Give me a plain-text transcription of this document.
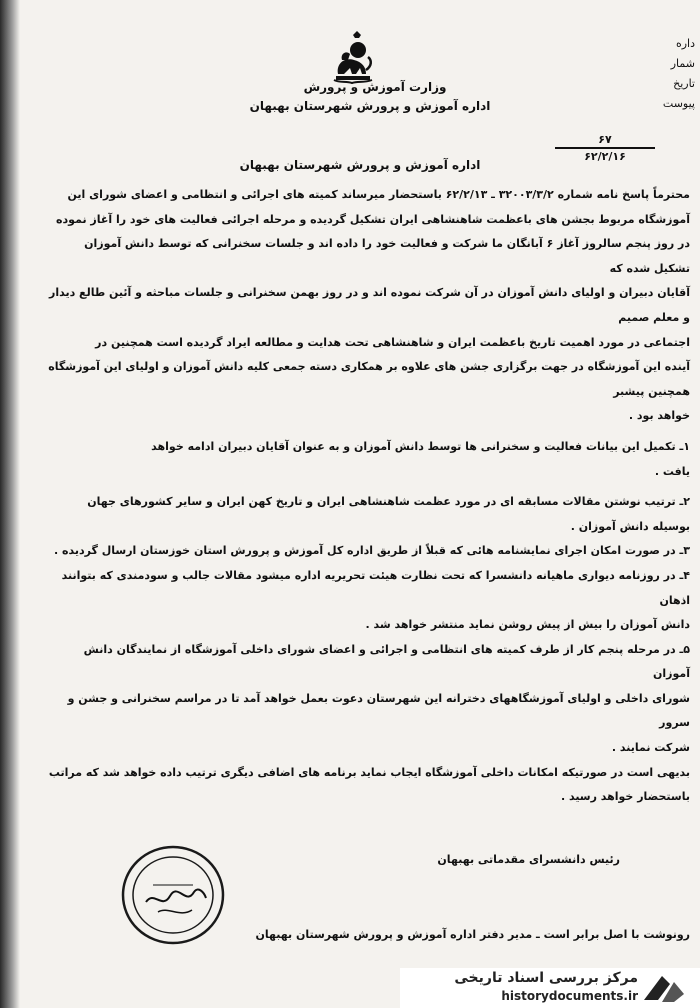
وزارت آموزش و پرورش
اداره آموزش و پرورش شهرستان بهبهان
داره
شمار
تاریخ
پیوست
۶۷
۶۲/۲/۱۶
اداره آموزش و پرورش شهرستان بهبهان

محترماً پاسخ نامه شماره ۳۲۰۰۳/۳/۲ ـ ۶۲/۲/۱۳ باستحضار میرساند کمیته های اجرائی و انتظامی و اعضای شورای این

آموزشگاه مربوط بجشن های باعظمت شاهنشاهی ایران تشکیل گردیده و مرحله اجرائی فعالیت های خود را آغاز نموده

در روز پنجم سالروز آغاز ۶ آبانگان ما شرکت و فعالیت خود را داده اند و جلسات سخنرانی که توسط دانش آموزان تشکیل شده که

آقایان دبیران و اولیای دانش آموزان در آن شرکت نموده اند و در روز بهمن سخنرانی و جلسات مباحثه و آئین طالع دیدار و معلم صمیم

اجتماعی در مورد اهمیت تاریخ باعظمت ایران و شاهنشاهی تحت هدایت و مطالعه ایراد گردیده است همچنین در

آینده این آموزشگاه در جهت برگزاری جشن های علاوه بر همکاری دسته جمعی کلیه دانش آموزان و اولیای این آموزشگاه همچنین پیشبر

خواهد بود .

۱ـ تکمیل این بیانات فعالیت و سخنرانی ها توسط دانش آموزان و به عنوان آقایان دبیران ادامه خواهد

یافت .

۲ـ ترتیب نوشتن مقالات مسابقه ای در مورد عظمت شاهنشاهی ایران و تاریخ کهن ایران و سایر کشورهای جهان

بوسیله دانش آموزان .

۳ـ در صورت امکان اجرای نمایشنامه هائی که قبلاً از طریق اداره کل آموزش و پرورش استان خوزستان ارسال گردیده .

۴ـ در روزنامه دیواری ماهیانه دانشسرا که تحت نظارت هیئت تحریریه اداره میشود مقالات جالب و سودمندی که بتوانند اذهان

دانش آموزان را بیش از پیش روشن نماید منتشر خواهد شد .

۵ـ در مرحله پنجم کار از طرف کمیته های انتظامی و اجرائی و اعضای شورای داخلی آموزشگاه از نمایندگان دانش آموزان

شورای داخلی و اولیای آموزشگاههای دخترانه این شهرستان دعوت بعمل خواهد آمد تا در مراسم سخنرانی و جشن و سرور

شرکت نمایند .

بدیهی است در صورتیکه امکانات داخلی آموزشگاه ایجاب نماید برنامه های اضافی دیگری ترتیب داده خواهد شد که مراتب

باستحضار خواهد رسید .

رئیس دانشسرای مقدماتی بهبهان
رونوشت با اصل برابر است ـ مدیر دفتر اداره آموزش و پرورش شهرستان بهبهان
مرکز بررسی اسناد تاریخی
historydocuments.ir
